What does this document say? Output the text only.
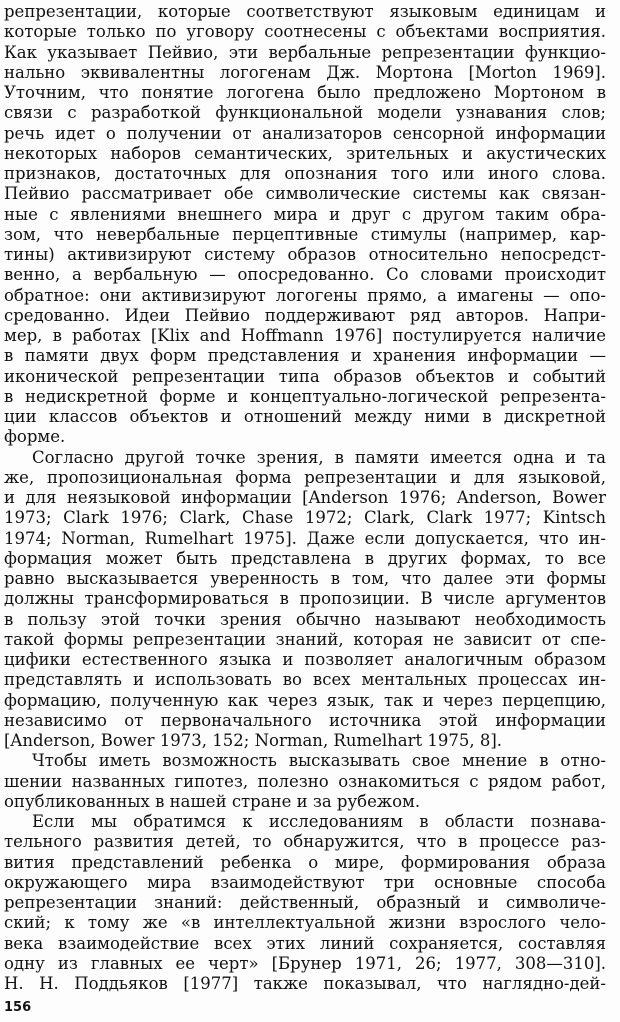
репрезентации, которые соответствуют языковым единицам и
которые только по уговору соотнесены с объектами восприятия.
Как указывает Пейвио, эти вербальные репрезентации функцио-
нально эквивалентны логогенам Дж. Мортона [Morton 1969].
Уточним, что понятие логогена было предложено Мортоном в
связи с разработкой функциональной модели узнавания слов;
речь идет о получении от анализаторов сенсорной информации
некоторых наборов семантических, зрительных и акустических
признаков, достаточных для опознания того или иного слова.
Пейвио рассматривает обе символические системы как связан-
ные с явлениями внешнего мира и друг с другом таким обра-
зом, что невербальные перцептивные стимулы (например, кар-
тины) активизируют систему образов относительно непосредст-
венно, а вербальную — опосредованно. Со словами происходит
обратное: они активизируют логогены прямо, а имагены — опо-
средованно. Идеи Пейвио поддерживают ряд авторов. Напри-
мер, в работах [Klix and Hoffmann 1976] постулируется наличие
в памяти двух форм представления и хранения информации —
иконической репрезентации типа образов объектов и событий
в недискретной форме и концептуально-логической репрезента-
ции классов объектов и отношений между ними в дискретной
форме.
Согласно другой точке зрения, в памяти имеется одна и та
же, пропозициональная форма репрезентации и для языковой,
и для неязыковой информации [Anderson 1976; Anderson, Bower
1973; Clark 1976; Clark, Chase 1972; Clark, Clark 1977; Kintsch
1974; Norman, Rumelhart 1975]. Даже если допускается, что ин-
формация может быть представлена в других формах, то все
равно высказывается уверенность в том, что далее эти формы
должны трансформироваться в пропозиции. В числе аргументов
в пользу этой точки зрения обычно называют необходимость
такой формы репрезентации знаний, которая не зависит от спе-
цифики естественного языка и позволяет аналогичным образом
представлять и использовать во всех ментальных процессах ин-
формацию, полученную как через язык, так и через перцепцию,
независимо от первоначального источника этой информации
[Anderson, Bower 1973, 152; Norman, Rumelhart 1975, 8].
Чтобы иметь возможность высказывать свое мнение в отно-
шении названных гипотез, полезно ознакомиться с рядом работ,
опубликованных в нашей стране и за рубежом.
Если мы обратимся к исследованиям в области познава-
тельного развития детей, то обнаружится, что в процессе раз-
вития представлений ребенка о мире, формирования образа
окружающего мира взаимодействуют три основные способа
репрезентации знаний: действенный, образный и символиче-
ский; к тому же «в интеллектуальной жизни взрослого чело-
века взаимодействие всех этих линий сохраняется, составляя
одну из главных ее черт» [Брунер 1971, 26; 1977, 308—310].
Н. Н. Поддьяков [1977] также показывал, что наглядно-дей-
156
